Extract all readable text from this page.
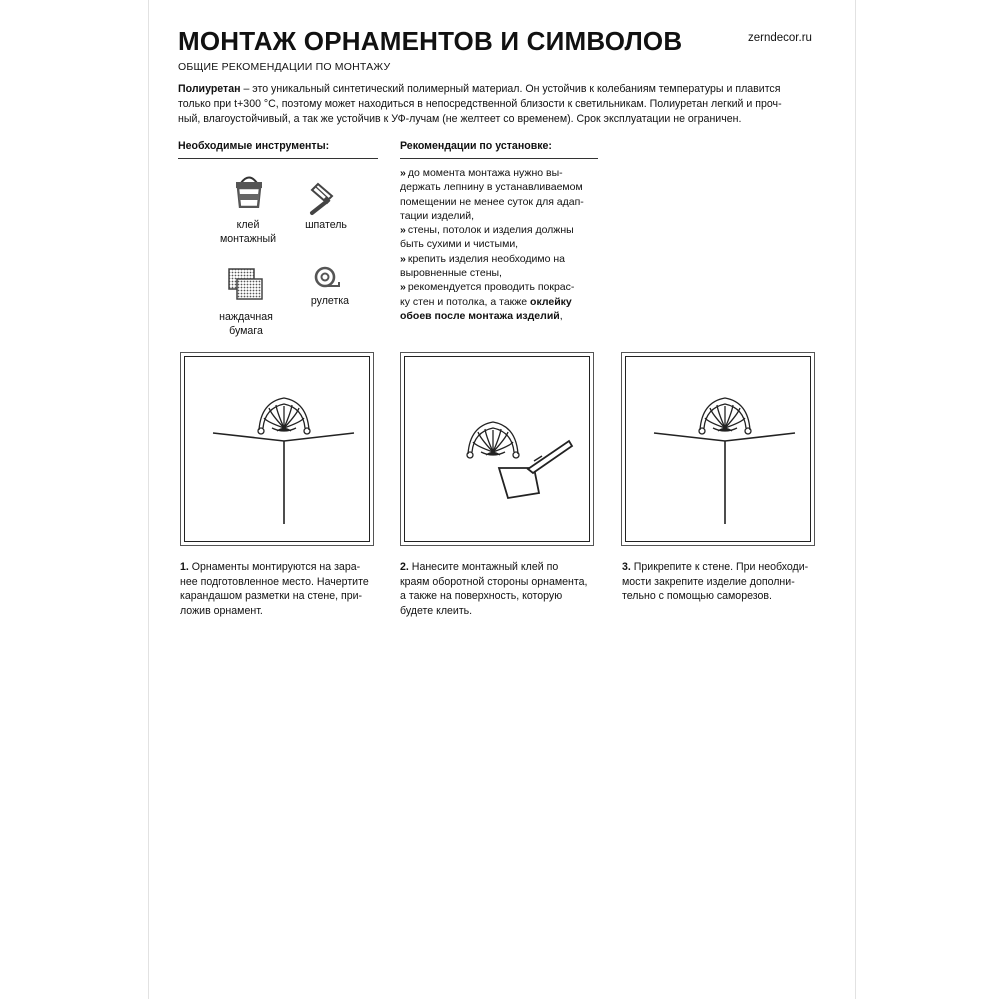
МОНТАЖ ОРНАМЕНТОВ И СИМВОЛОВ	zerndecor.ru
ОБЩИЕ РЕКОМЕНДАЦИИ ПО МОНТАЖУ
Полиуретан – это уникальный синтетический полимерный материал. Он устойчив к колебаниям температуры и плавится
только при t+300 °С, поэтому может находиться в непосредственной близости к светильникам. Полиуретан легкий и проч-
ный, влагоустойчивый, а так же устойчив к УФ-лучам (не желтеет со временем). Срок эксплуатации не ограничен.
Необходимые инструменты:
клей
монтажный
шпатель
наждачная
бумага
рулетка
Рекомендации по установке:
» до момента монтажа нужно вы-
держать лепнину в устанавливаемом
помещении не менее суток для адап-
тации изделий,
» стены, потолок и изделия должны
быть сухими и чистыми,
» крепить изделия необходимо на
выровненные стены,
» рекомендуется проводить покрас-
ку стен и потолка, а также оклейку
обоев после монтажа изделий,
1. Орнаменты монтируются на зара-
нее подготовленное место. Начертите
карандашом разметки на стене, при-
ложив орнамент.
2. Нанесите монтажный клей по
краям оборотной стороны орнамента,
а также на поверхность, которую
будете клеить.
3. Прикрепите к стене. При необходи-
мости закрепите изделие дополни-
тельно с помощью саморезов.
